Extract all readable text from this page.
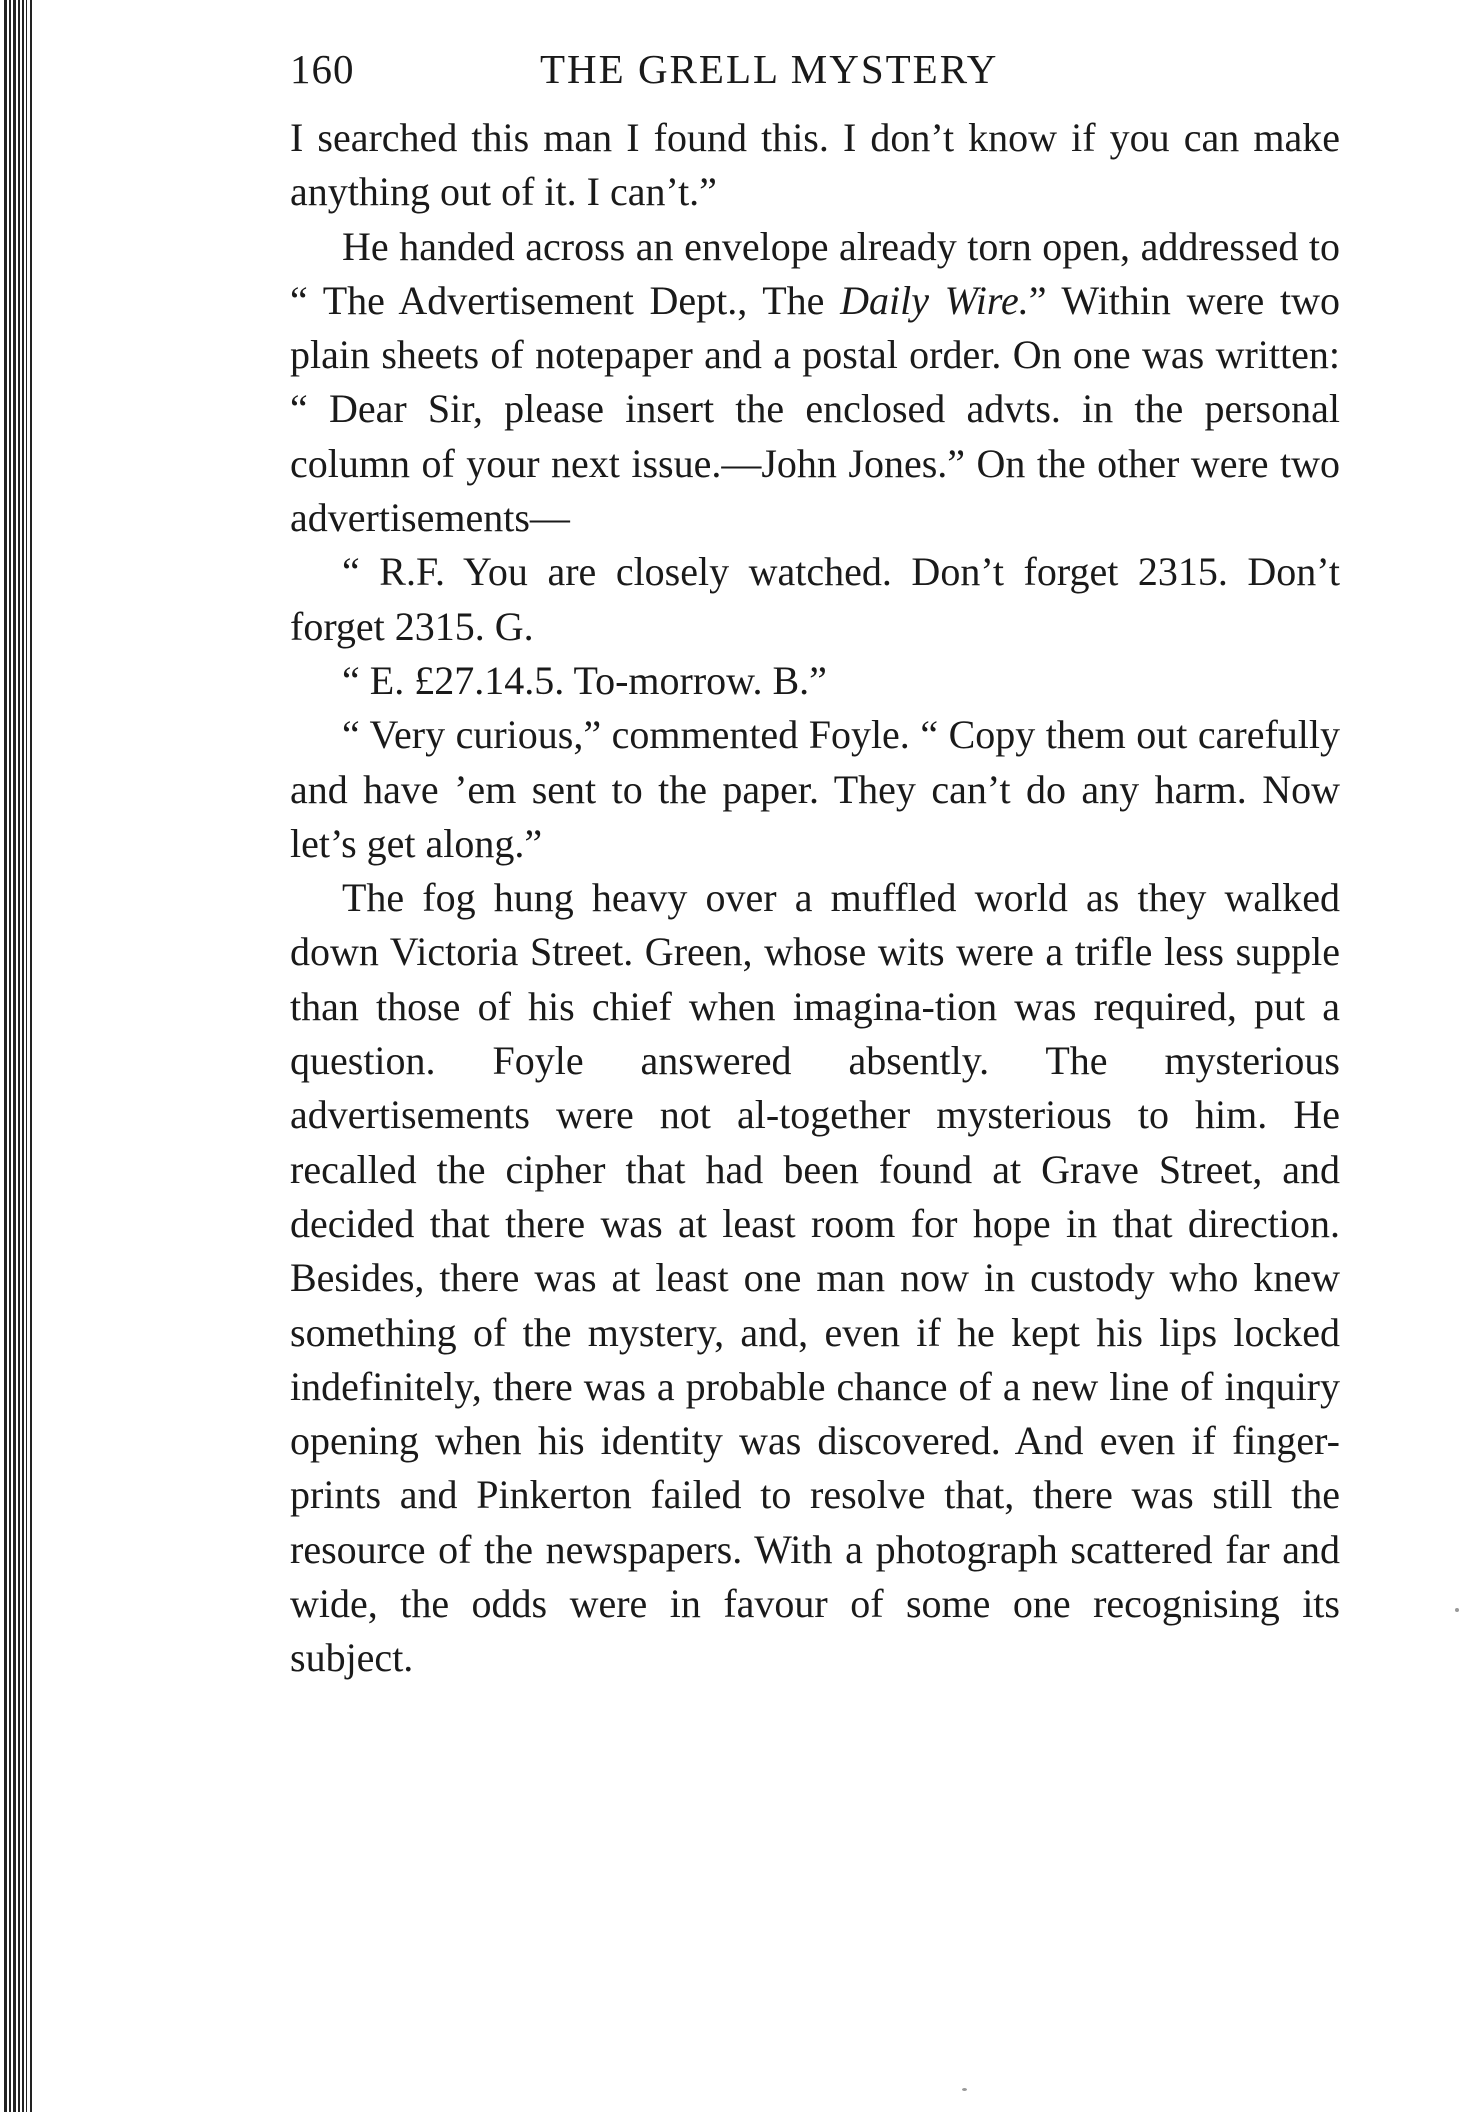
160	THE GRELL MYSTERY

I searched this man I found this. I don’t know if you can make anything out of it. I can’t.”

He handed across an envelope already torn open, addressed to “ The Advertisement Dept., The Daily Wire.” Within were two plain sheets of notepaper and a postal order. On one was written: “ Dear Sir, please insert the enclosed advts. in the personal column of your next issue.—John Jones.” On the other were two advertisements—

“ R.F. You are closely watched. Don’t forget 2315. Don’t forget 2315. G.

“ E. £27.14.5. To-morrow. B.”

“ Very curious,” commented Foyle. “ Copy them out carefully and have ’em sent to the paper. They can’t do any harm. Now let’s get along.”

The fog hung heavy over a muffled world as they walked down Victoria Street. Green, whose wits were a trifle less supple than those of his chief when imagina-tion was required, put a question. Foyle answered absently. The mysterious advertisements were not al-together mysterious to him. He recalled the cipher that had been found at Grave Street, and decided that there was at least room for hope in that direction. Besides, there was at least one man now in custody who knew something of the mystery, and, even if he kept his lips locked indefinitely, there was a probable chance of a new line of inquiry opening when his identity was discovered. And even if finger-prints and Pinkerton failed to resolve that, there was still the resource of the newspapers. With a photograph scattered far and wide, the odds were in favour of some one recognising its subject.
